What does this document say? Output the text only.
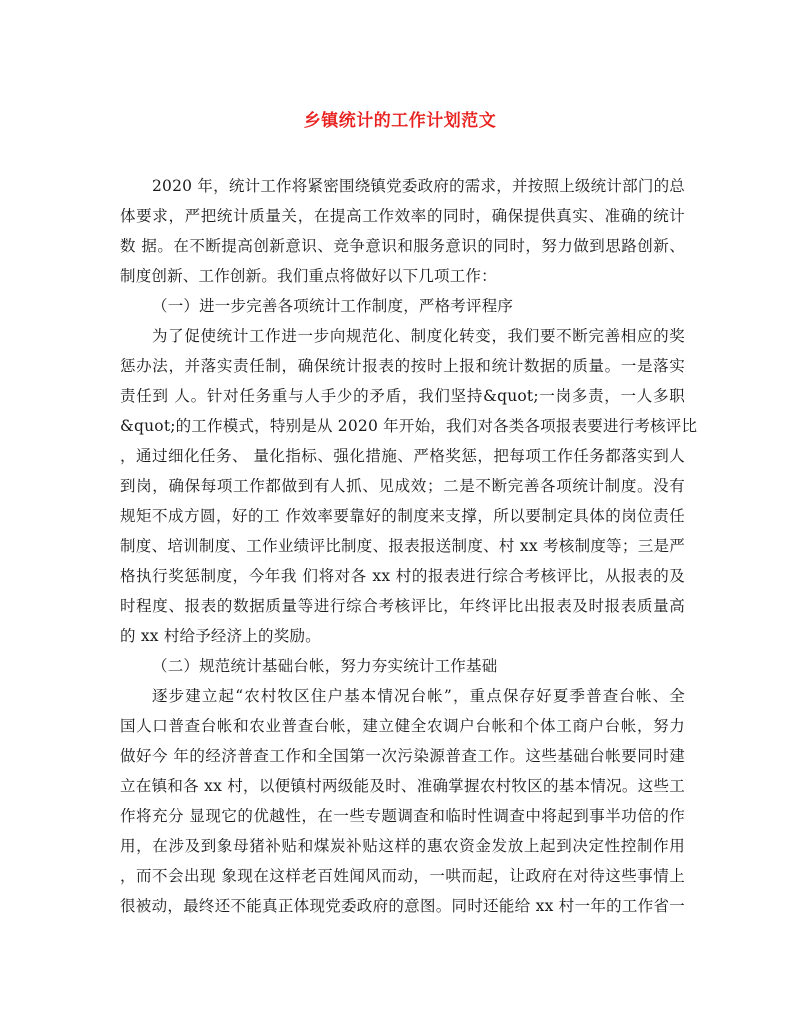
乡镇统计的工作计划范文
2020 年，统计工作将紧密围绕镇党委政府的需求，并按照上级统计部门的总
体要求，严把统计质量关，在提高工作效率的同时，确保提供真实、准确的统计
数 据。在不断提高创新意识、竞争意识和服务意识的同时，努力做到思路创新、
制度创新、工作创新。我们重点将做好以下几项工作：
（一）进一步完善各项统计工作制度，严格考评程序
为了促使统计工作进一步向规范化、制度化转变，我们要不断完善相应的奖
惩办法，并落实责任制，确保统计报表的按时上报和统计数据的质量。一是落实
责任到 人。针对任务重与人手少的矛盾，我们坚持&quot;一岗多责，一人多职
&quot;的工作模式，特别是从 2020 年开始，我们对各类各项报表要进行考核评比
，通过细化任务、 量化指标、强化措施、严格奖惩，把每项工作任务都落实到人
到岗，确保每项工作都做到有人抓、见成效；二是不断完善各项统计制度。没有
规矩不成方圆，好的工 作效率要靠好的制度来支撑，所以要制定具体的岗位责任
制度、培训制度、工作业绩评比制度、报表报送制度、村 xx 考核制度等；三是严
格执行奖惩制度，今年我 们将对各 xx 村的报表进行综合考核评比，从报表的及
时程度、报表的数据质量等进行综合考核评比，年终评比出报表及时报表质量高
的 xx 村给予经济上的奖励。
（二）规范统计基础台帐，努力夯实统计工作基础
逐步建立起“农村牧区住户基本情况台帐”，重点保存好夏季普查台帐、全
国人口普查台帐和农业普查台帐，建立健全农调户台帐和个体工商户台帐，努力
做好今 年的经济普查工作和全国第一次污染源普查工作。这些基础台帐要同时建
立在镇和各 xx 村，以便镇村两级能及时、准确掌握农村牧区的基本情况。这些工
作将充分 显现它的优越性，在一些专题调查和临时性调查中将起到事半功倍的作
用，在涉及到象母猪补贴和煤炭补贴这样的惠农资金发放上起到决定性控制作用
，而不会出现 象现在这样老百姓闻风而动，一哄而起，让政府在对待这些事情上
很被动，最终还不能真正体现党委政府的意图。同时还能给 xx 村一年的工作省一
